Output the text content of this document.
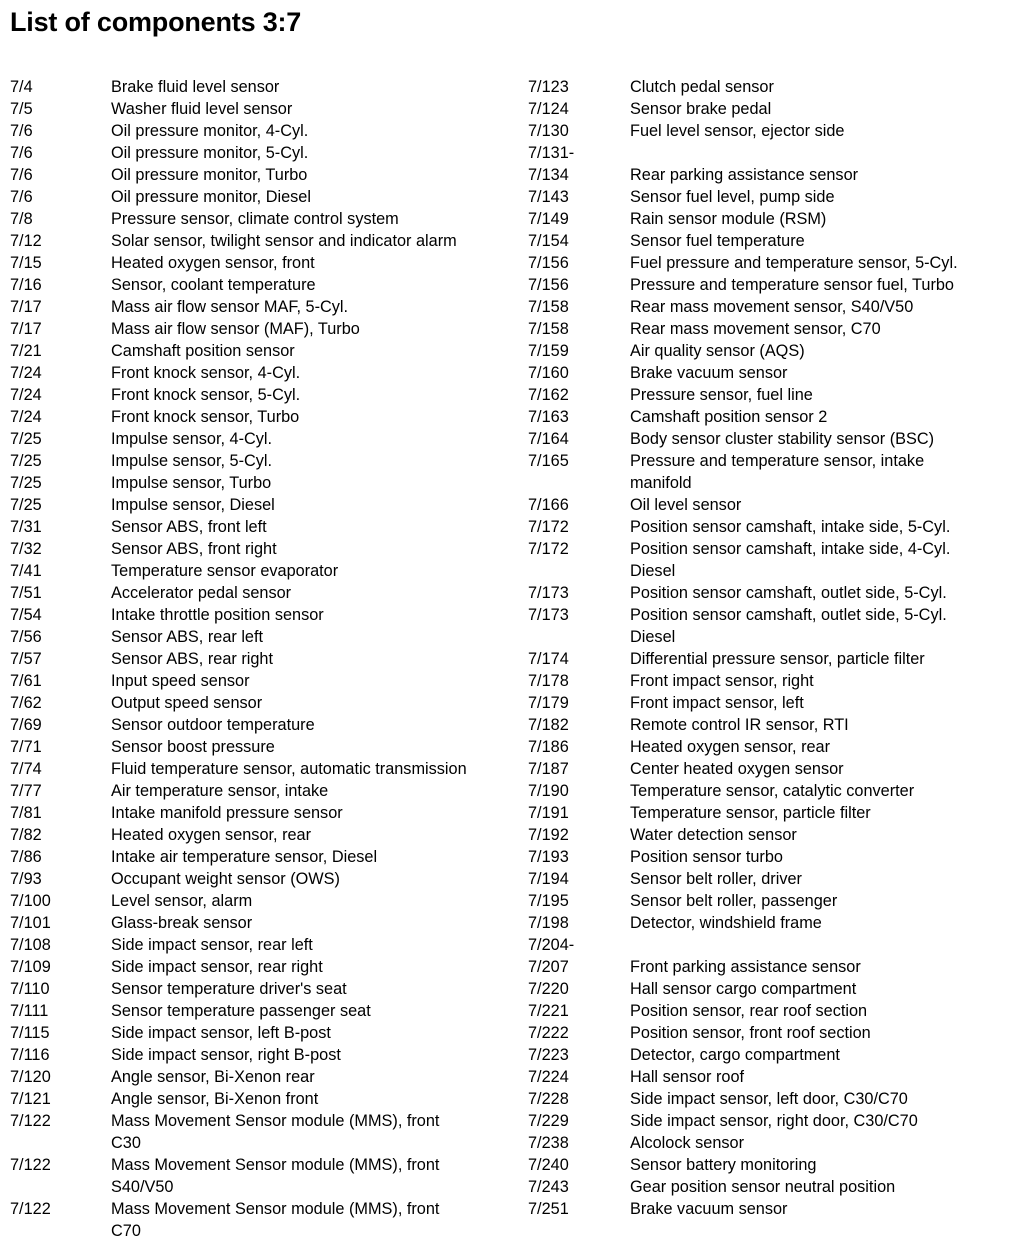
List of components 3:7
7/4	Brake fluid level sensor
7/5	Washer fluid level sensor
7/6	Oil pressure monitor, 4-Cyl.
7/6	Oil pressure monitor, 5-Cyl.
7/6	Oil pressure monitor, Turbo
7/6	Oil pressure monitor, Diesel
7/8	Pressure sensor, climate control system
7/12	Solar sensor, twilight sensor and indicator alarm
7/15	Heated oxygen sensor, front
7/16	Sensor, coolant temperature
7/17	Mass air flow sensor MAF, 5-Cyl.
7/17	Mass air flow sensor (MAF), Turbo
7/21	Camshaft position sensor
7/24	Front knock sensor, 4-Cyl.
7/24	Front knock sensor, 5-Cyl.
7/24	Front knock sensor, Turbo
7/25	Impulse sensor, 4-Cyl.
7/25	Impulse sensor, 5-Cyl.
7/25	Impulse sensor, Turbo
7/25	Impulse sensor, Diesel
7/31	Sensor ABS, front left
7/32	Sensor ABS, front right
7/41	Temperature sensor evaporator
7/51	Accelerator pedal sensor
7/54	Intake throttle position sensor
7/56	Sensor ABS, rear left
7/57	Sensor ABS, rear right
7/61	Input speed sensor
7/62	Output speed sensor
7/69	Sensor outdoor temperature
7/71	Sensor boost pressure
7/74	Fluid temperature sensor, automatic transmission
7/77	Air temperature sensor, intake
7/81	Intake manifold pressure sensor
7/82	Heated oxygen sensor, rear
7/86	Intake air temperature sensor, Diesel
7/93	Occupant weight sensor (OWS)
7/100	Level sensor, alarm
7/101	Glass-break sensor
7/108	Side impact sensor, rear left
7/109	Side impact sensor, rear right
7/110	Sensor temperature driver's seat
7/111	Sensor temperature passenger seat
7/115	Side impact sensor, left B-post
7/116	Side impact sensor, right B-post
7/120	Angle sensor, Bi-Xenon rear
7/121	Angle sensor, Bi-Xenon front
7/122	Mass Movement Sensor module (MMS), front
C30
7/122	Mass Movement Sensor module (MMS), front
S40/V50
7/122	Mass Movement Sensor module (MMS), front
C70
7/123	Clutch pedal sensor
7/124	Sensor brake pedal
7/130	Fuel level sensor, ejector side
7/131-
7/134	Rear parking assistance sensor
7/143	Sensor fuel level, pump side
7/149	Rain sensor module (RSM)
7/154	Sensor fuel temperature
7/156	Fuel pressure and temperature sensor, 5-Cyl.
7/156	Pressure and temperature sensor fuel, Turbo
7/158	Rear mass movement sensor, S40/V50
7/158	Rear mass movement sensor, C70
7/159	Air quality sensor (AQS)
7/160	Brake vacuum sensor
7/162	Pressure sensor, fuel line
7/163	Camshaft position sensor 2
7/164	Body sensor cluster stability sensor (BSC)
7/165	Pressure and temperature sensor, intake
manifold
7/166	Oil level sensor
7/172	Position sensor camshaft, intake side, 5-Cyl.
7/172	Position sensor camshaft, intake side, 4-Cyl.
Diesel
7/173	Position sensor camshaft, outlet side, 5-Cyl.
7/173	Position sensor camshaft, outlet side, 5-Cyl.
Diesel
7/174	Differential pressure sensor, particle filter
7/178	Front impact sensor, right
7/179	Front impact sensor, left
7/182	Remote control IR sensor, RTI
7/186	Heated oxygen sensor, rear
7/187	Center heated oxygen sensor
7/190	Temperature sensor, catalytic converter
7/191	Temperature sensor, particle filter
7/192	Water detection sensor
7/193	Position sensor turbo
7/194	Sensor belt roller, driver
7/195	Sensor belt roller, passenger
7/198	Detector, windshield frame
7/204-
7/207	Front parking assistance sensor
7/220	Hall sensor cargo compartment
7/221	Position sensor, rear roof section
7/222	Position sensor, front roof section
7/223	Detector, cargo compartment
7/224	Hall sensor roof
7/228	Side impact sensor, left door, C30/C70
7/229	Side impact sensor, right door, C30/C70
7/238	Alcolock sensor
7/240	Sensor battery monitoring
7/243	Gear position sensor neutral position
7/251	Brake vacuum sensor
